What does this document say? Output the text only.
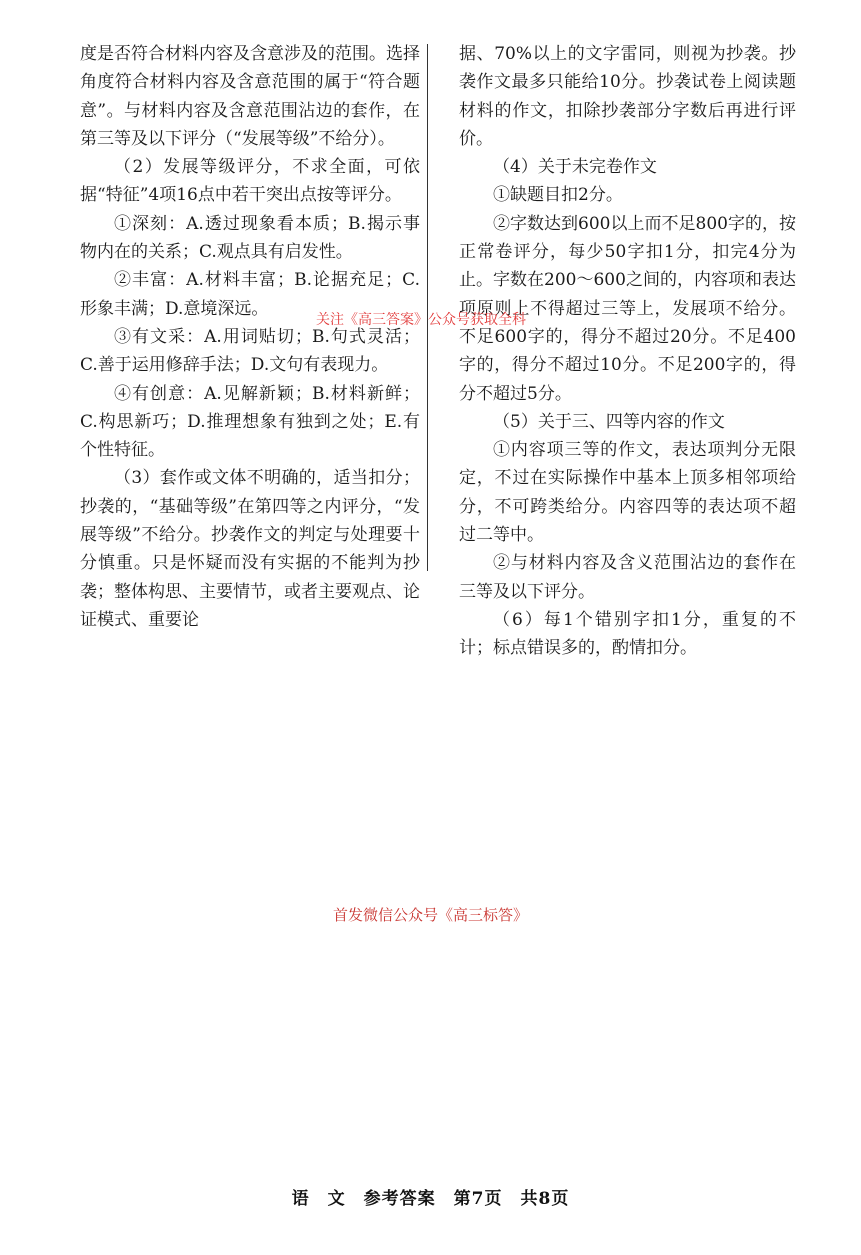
度是否符合材料内容及含意涉及的范围。选择角度符合材料内容及含意范围的属于“符合题意”。与材料内容及含意范围沾边的套作，在第三等及以下评分（“发展等级”不给分）。

（2）发展等级评分，不求全面，可依据“特征”4项16点中若干突出点按等评分。

①深刻：A.透过现象看本质；B.揭示事物内在的关系；C.观点具有启发性。

②丰富：A.材料丰富；B.论据充足；C.形象丰满；D.意境深远。

③有文采：A.用词贴切；B.句式灵活；C.善于运用修辞手法；D.文句有表现力。

④有创意：A.见解新颖；B.材料新鲜；C.构思新巧；D.推理想象有独到之处；E.有个性特征。

（3）套作或文体不明确的，适当扣分；抄袭的，“基础等级”在第四等之内评分，“发展等级”不给分。抄袭作文的判定与处理要十分慎重。只是怀疑而没有实据的不能判为抄袭；整体构思、主要情节，或者主要观点、论证模式、重要论

据、70%以上的文字雷同，则视为抄袭。抄袭作文最多只能给10分。抄袭试卷上阅读题材料的作文，扣除抄袭部分字数后再进行评价。

（4）关于未完卷作文

①缺题目扣2分。

②字数达到600以上而不足800字的，按正常卷评分，每少50字扣1分，扣完4分为止。字数在200～600之间的，内容项和表达项原则上不得超过三等上，发展项不给分。不足600字的，得分不超过20分。不足400字的，得分不超过10分。不足200字的，得分不超过5分。

（5）关于三、四等内容的作文

①内容项三等的作文，表达项判分无限定，不过在实际操作中基本上顶多相邻项给分，不可跨类给分。内容四等的表达项不超过二等中。

②与材料内容及含义范围沾边的套作在三等及以下评分。

（6）每1个错别字扣1分，重复的不计；标点错误多的，酌情扣分。

关注《高三答案》公众号获取全科
首发微信公众号《高三标答》
语　文　参考答案　第7页　共8页
